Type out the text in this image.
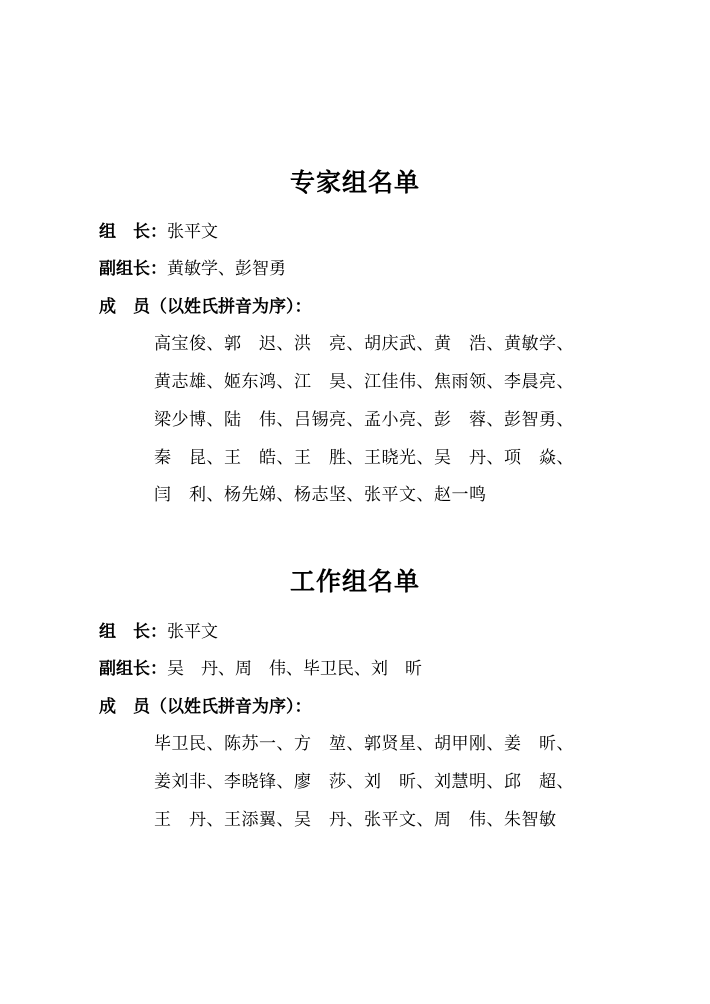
专家组名单
组 长：张平文
副组长：黄敏学、彭智勇
成 员（以姓氏拼音为序）：
高宝俊、郭　迟、洪　亮、胡庆武、黄　浩、黄敏学、
黄志雄、姬东鸿、江　昊、江佳伟、焦雨领、李晨亮、
梁少博、陆　伟、吕锡亮、孟小亮、彭　蓉、彭智勇、
秦　昆、王　皓、王　胜、王晓光、吴　丹、项　焱、
闫　利、杨先娣、杨志坚、张平文、赵一鸣
工作组名单
组 长：张平文
副组长：吴　丹、周　伟、毕卫民、刘　昕
成 员（以姓氏拼音为序）：
毕卫民、陈苏一、方　堃、郭贤星、胡甲刚、姜　昕、
姜刘非、李晓锋、廖　莎、刘　昕、刘慧明、邱　超、
王　丹、王添翼、吴　丹、张平文、周　伟、朱智敏
